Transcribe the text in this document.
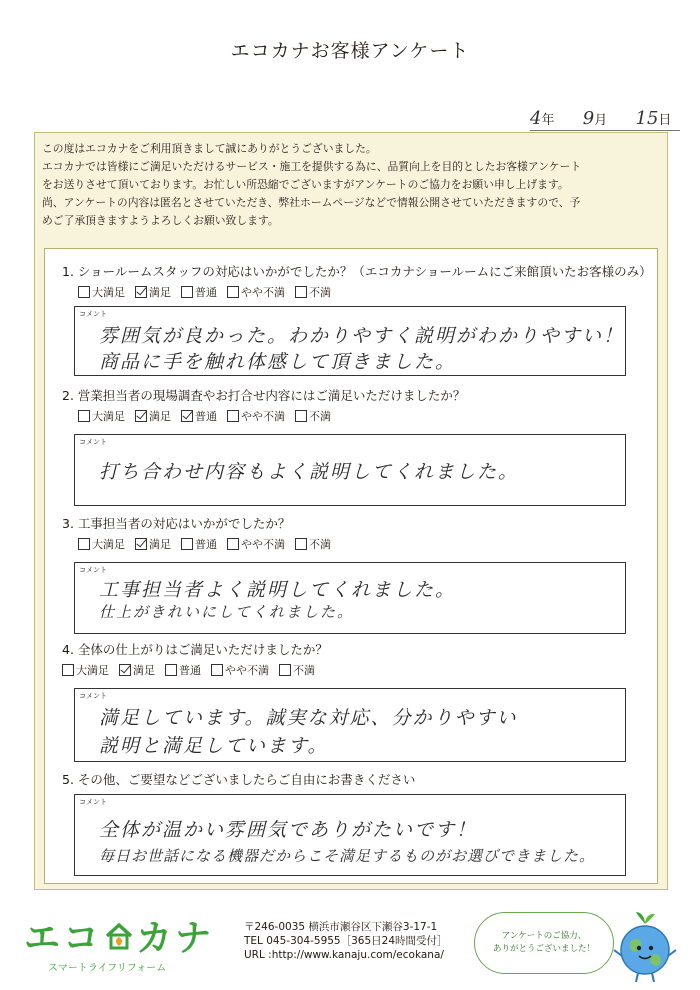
エコカナお客様アンケート
4年 9月 15日

この度はエコカナをご利用頂きまして誠にありがとうございました。

エコカナでは皆様にご満足いただけるサービス・施工を提供する為に、品質向上を目的としたお客様アンケート

をお送りさせて頂いております。お忙しい所恐縮でございますがアンケートのご協力をお願い申し上げます。

尚、アンケートの内容は匿名とさせていただき、弊社ホームページなどで情報公開させていただきますので、予

めご了承頂きますようよろしくお願い致します。

1. ショールームスタッフの対応はいかがでしたか？（エコカナショールームにご来館頂いたお客様のみ）
大満足 満足 普通 やや不満 不満
コメント
雰囲気が良かった。わかりやすく説明がわかりやすい！
商品に手を触れ体感して頂きました。
2. 営業担当者の現場調査やお打合せ内容にはご満足いただけましたか？
大満足 満足 普通 やや不満 不満
コメント
打ち合わせ内容もよく説明してくれました。
3. 工事担当者の対応はいかがでしたか？
大満足 満足 普通 やや不満 不満
コメント
工事担当者よく説明してくれました。
仕上がきれいにしてくれました。
4. 全体の仕上がりはご満足いただけましたか？
大満足 満足 普通 やや不満 不満
コメント
満足しています。誠実な対応、分かりやすい
説明と満足しています。
5. その他、ご要望などございましたらご自由にお書きください
コメント
全体が温かい雰囲気でありがたいです！
毎日お世話になる機器だからこそ満足するものがお選びできました。
エコ カナ
スマートライフリフォーム
〒246-0035 横浜市瀬谷区下瀬谷3-17-1
TEL 045-304-5955［365日24時間受付］
URL :http://www.kanaju.com/ecokana/
アンケートのご協力、
ありがとうございました！
